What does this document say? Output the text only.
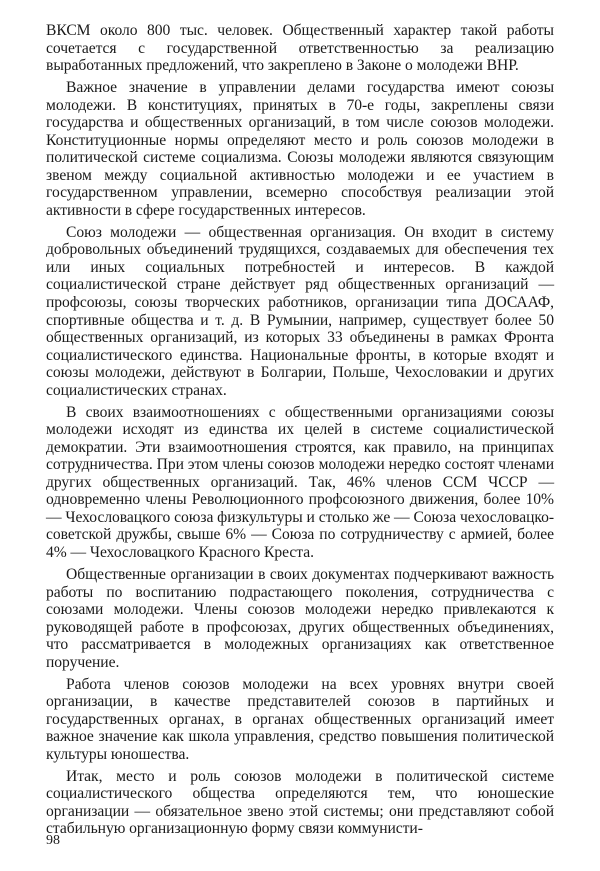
ВКСМ около 800 тыс. человек. Общественный характер такой работы сочетается с государственной ответственностью за реализацию выработанных предложений, что закреплено в Законе о молодежи ВНР.

Важное значение в управлении делами государства имеют союзы молодежи. В конституциях, принятых в 70-е годы, закреплены связи государства и общественных организаций, в том числе союзов молодежи. Конституционные нормы определяют место и роль союзов молодежи в политической системе социализма. Союзы молодежи являются связующим звеном между социальной активностью молодежи и ее участием в государственном управлении, всемерно способствуя реализации этой активности в сфере государственных интересов.

Союз молодежи — общественная организация. Он входит в систему добровольных объединений трудящихся, создаваемых для обеспечения тех или иных социальных потребностей и интересов. В каждой социалистической стране действует ряд общественных организаций — профсоюзы, союзы творческих работников, организации типа ДОСААФ, спортивные общества и т. д. В Румынии, например, существует более 50 общественных организаций, из которых 33 объединены в рамках Фронта социалистического единства. Национальные фронты, в которые входят и союзы молодежи, действуют в Болгарии, Польше, Чехословакии и других социалистических странах.

В своих взаимоотношениях с общественными организациями союзы молодежи исходят из единства их целей в системе социалистической демократии. Эти взаимоотношения строятся, как правило, на принципах сотрудничества. При этом члены союзов молодежи нередко состоят членами других общественных организаций. Так, 46% членов ССМ ЧССР — одновременно члены Революционного профсоюзного движения, более 10% — Чехословацкого союза физкультуры и столько же — Союза чехословацко-советской дружбы, свыше 6% — Союза по сотрудничеству с армией, более 4% — Чехословацкого Красного Креста.

Общественные организации в своих документах подчеркивают важность работы по воспитанию подрастающего поколения, сотрудничества с союзами молодежи. Члены союзов молодежи нередко привлекаются к руководящей работе в профсоюзах, других общественных объединениях, что рассматривается в молодежных организациях как ответственное поручение.

Работа членов союзов молодежи на всех уровнях внутри своей организации, в качестве представителей союзов в партийных и государственных органах, в органах общественных организаций имеет важное значение как школа управления, средство повышения политической культуры юношества.

Итак, место и роль союзов молодежи в политической системе социалистического общества определяются тем, что юношеские организации — обязательное звено этой системы; они представляют собой стабильную организационную форму связи коммунисти-

98
